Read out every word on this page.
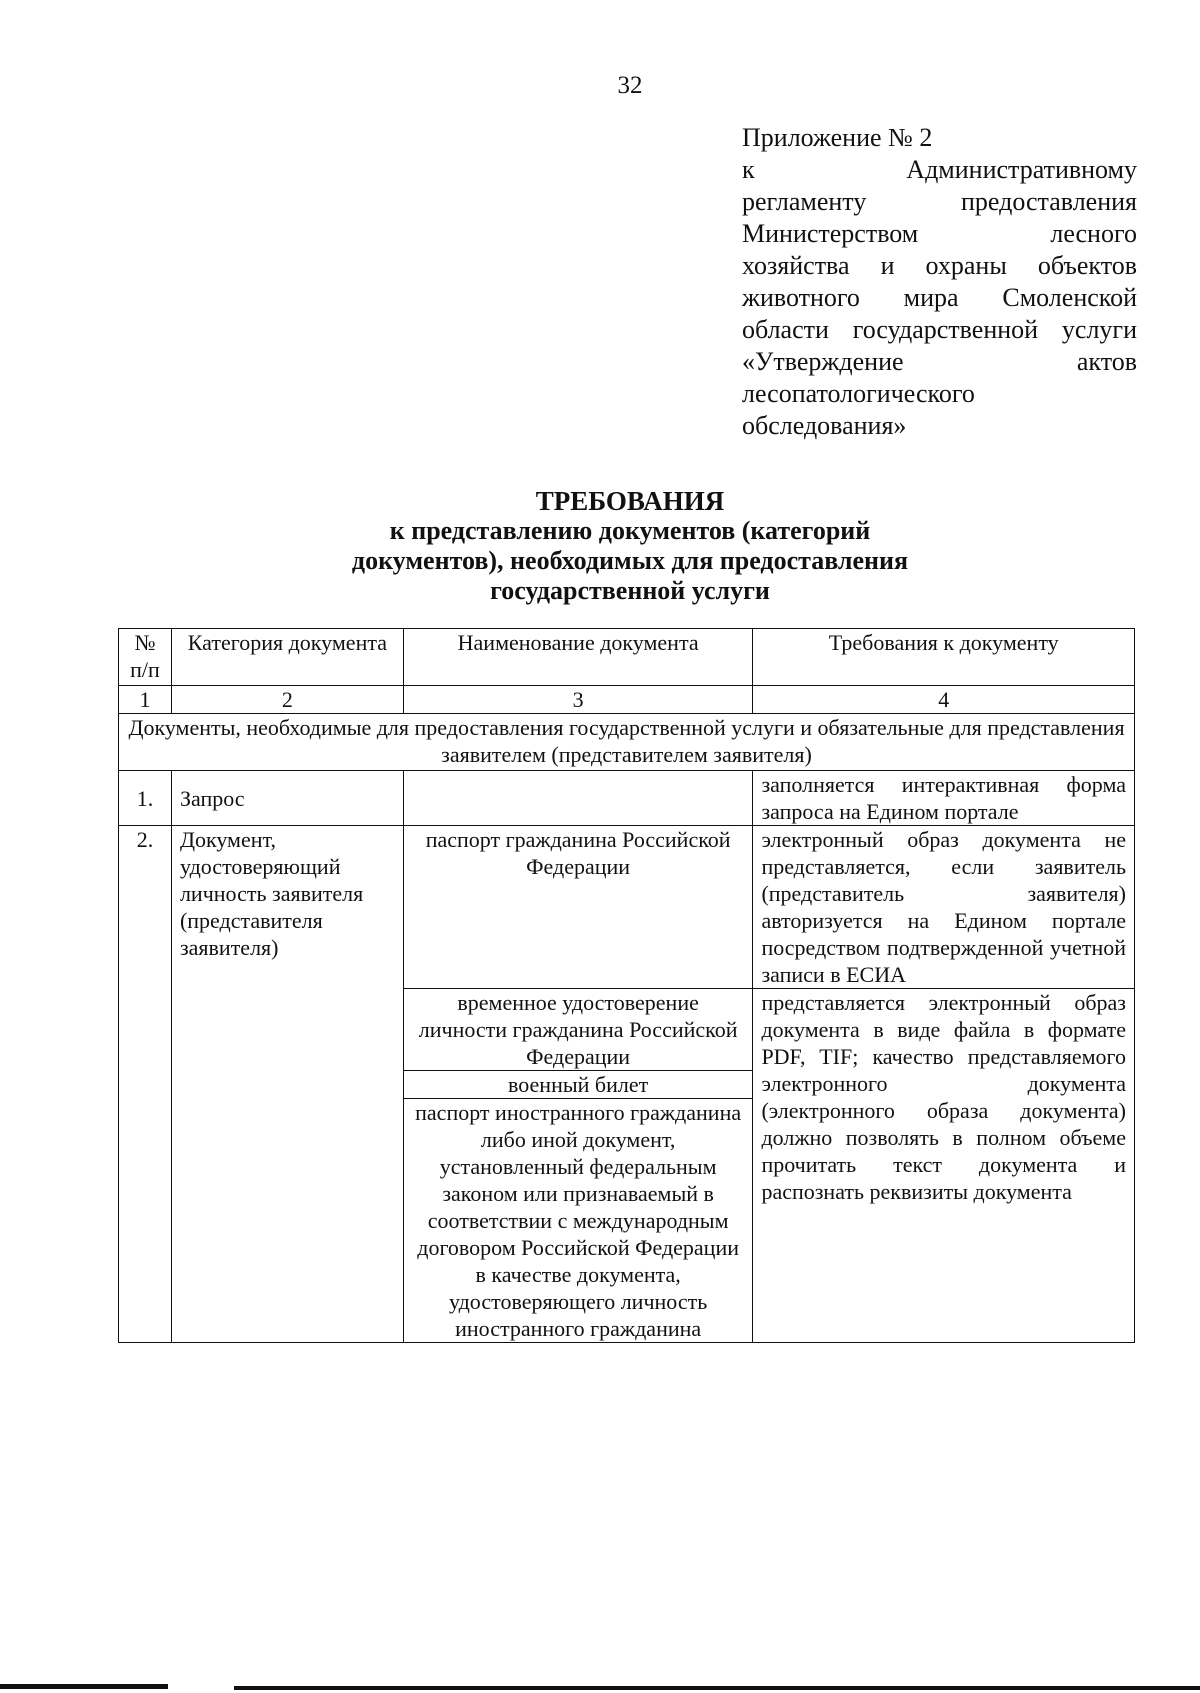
32
Приложение № 2
к Административному
регламенту предоставления
Министерством лесного
хозяйства и охраны объектов
животного мира Смоленской
области государственной услуги
«Утверждение актов
лесопатологического
обследования»
ТРЕБОВАНИЯ
к представлению документов (категорий
документов), необходимых для предоставления
государственной услуги
№ п/п	Категория документа	Наименование документа	Требования к документу
1	2	3	4
Документы, необходимые для предоставления государственной услуги и обязательные для представления заявителем (представителем заявителя)			
1.	Запрос		заполняется интерактивная форма запроса на Едином портале
2.	Документ, удостоверяющий личность заявителя (представителя заявителя)	паспорт гражданина Российской Федерации	электронный образ документа не представляется, если заявитель (представитель заявителя) авторизуется на Едином портале посредством подтвержденной учетной записи в ЕСИА
		временное удостоверение личности гражданина Российской Федерации	представляется электронный образ документа в виде файла в формате PDF, TIF; качество представляемого электронного документа (электронного образа документа) должно позволять в полном объеме прочитать текст документа и распознать реквизиты документа
		военный билет	
		паспорт иностранного гражданина либо иной документ, установленный федеральным законом или признаваемый в соответствии с международным договором Российской Федерации в качестве документа, удостоверяющего личность иностранного гражданина	
